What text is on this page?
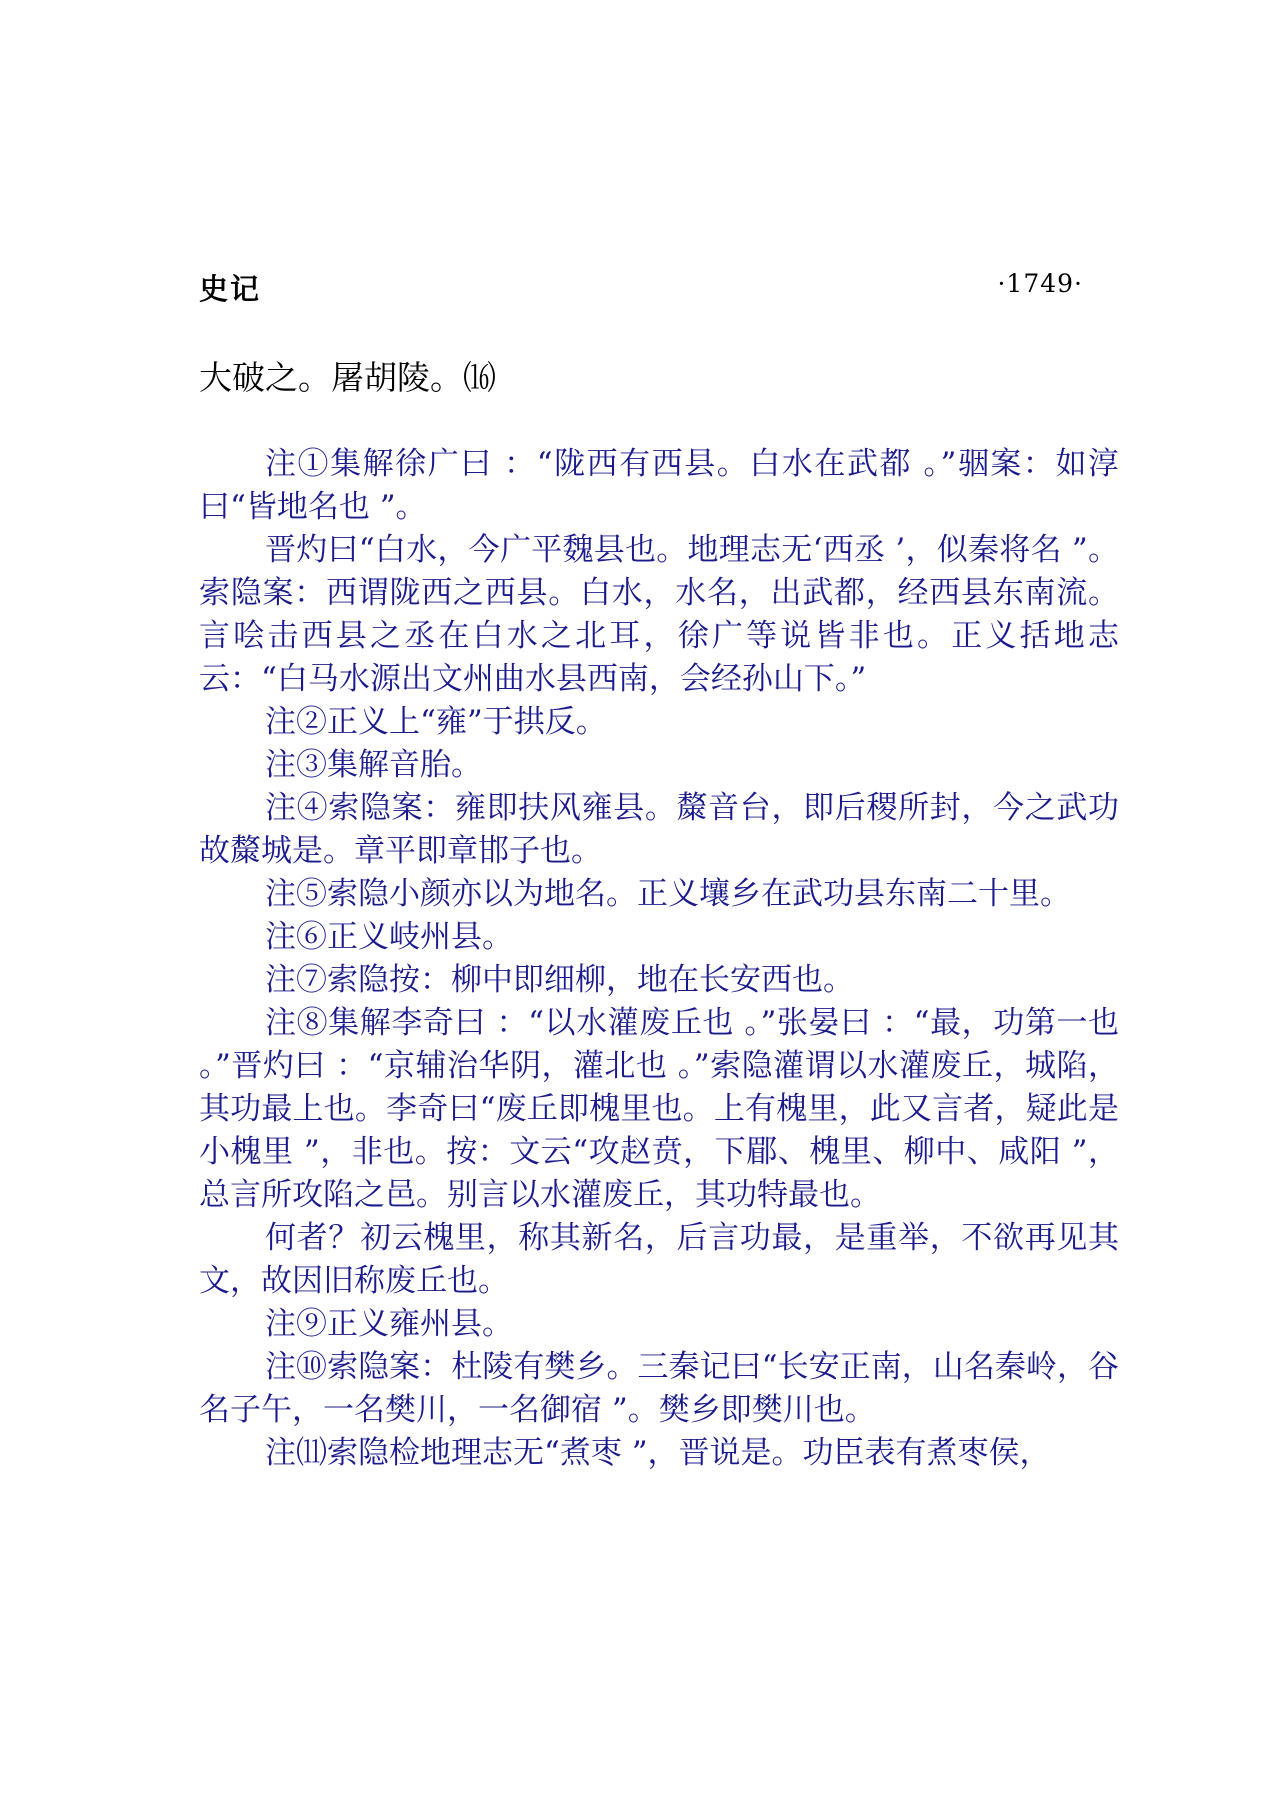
史记	·1749·
大破之。屠胡陵。⒃

注①集解徐广曰 ：“陇西有西县。白水在武都 。”骃案：如淳曰“皆地名也 ”。

晋灼曰“白水，今广平魏县也。地理志无‘西丞 ’，似秦将名 ”。索隐案：西谓陇西之西县。白水，水名，出武都，经西县东南流。言哙击西县之丞在白水之北耳，徐广等说皆非也。正义括地志云：“白马水源出文州曲水县西南，会经孙山下。”

注②正义上“雍”于拱反。

注③集解音胎。

注④索隐案：雍即扶风雍县。斄音台，即后稷所封，今之武功故斄城是。章平即章邯子也。

注⑤索隐小颜亦以为地名。正义壤乡在武功县东南二十里。

注⑥正义岐州县。

注⑦索隐按：柳中即细柳，地在长安西也。

注⑧集解李奇曰 ：“以水灌废丘也 。”张晏曰 ：“最，功第一也 。”晋灼曰 ：“京辅治华阴，灌北也 。”索隐灌谓以水灌废丘，城陷，其功最上也。李奇曰“废丘即槐里也。上有槐里，此又言者，疑此是小槐里 ”，非也。按：文云“攻赵贲，下郿、槐里、柳中、咸阳 ”，总言所攻陷之邑。别言以水灌废丘，其功特最也。

何者？初云槐里，称其新名，后言功最，是重举，不欲再见其文，故因旧称废丘也。

注⑨正义雍州县。

注⑩索隐案：杜陵有樊乡。三秦记曰“长安正南，山名秦岭，谷名子午，一名樊川，一名御宿 ”。樊乡即樊川也。

注⑾索隐检地理志无“煮枣 ”，晋说是。功臣表有煮枣侯，
